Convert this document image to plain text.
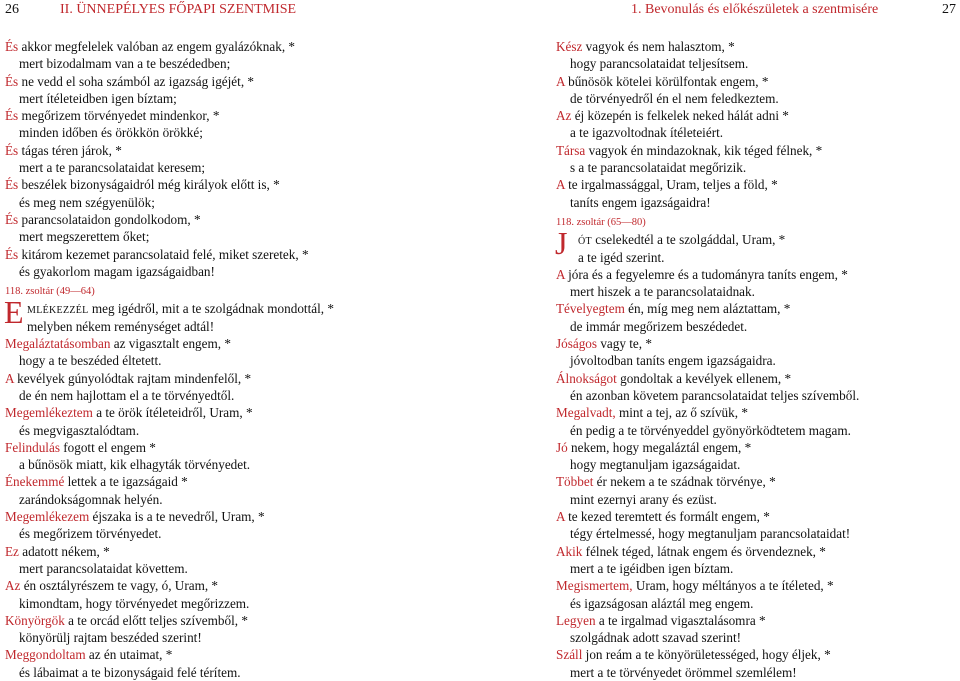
26	II. ÜNNEPÉLYES FŐPAPI SZENTMISE	1. Bevonulás és előkészületek a szentmisére	27
És akkor megfelelek valóban az engem gyalázóknak, *
mert bizodalmam van a te beszédedben;
És ne vedd el soha számból az igazság igéjét, *
mert ítéleteidben igen bíztam;
És megőrizem törvényedet mindenkor, *
minden időben és örökkön örökké;
És tágas téren járok, *
mert a te parancsolataidat keresem;
És beszélek bizonyságaidról még királyok előtt is, *
és meg nem szégyenülök;
És parancsolataidon gondolkodom, *
mert megszerettem őket;
És kitárom kezemet parancsolataid felé, miket szeretek, *
és gyakorlom magam igazságaidban!
118. zsoltár (49—64)
E MLÉKEZZÉL meg igédről, mit a te szolgádnak mondottál, *
melyben nékem reménységet adtál!
Megaláztatásomban az vigasztalt engem, *
hogy a te beszéded éltetett.
A kevélyek gúnyolódtak rajtam mindenfelől, *
de én nem hajlottam el a te törvényedtől.
Megemlékeztem a te örök ítéleteidről, Uram, *
és megvigasztalódtam.
Felindulás fogott el engem *
a bűnösök miatt, kik elhagyták törvényedet.
Énekemmé lettek a te igazságaid *
zarándokságomnak helyén.
Megemlékezem éjszaka is a te nevedről, Uram, *
és megőrizem törvényedet.
Ez adatott nékem, *
mert parancsolataidat követtem.
Az én osztályrészem te vagy, ó, Uram, *
kimondtam, hogy törvényedet megőrizzem.
Könyörgök a te orcád előtt teljes szívemből, *
könyörülj rajtam beszéded szerint!
Meggondoltam az én utaimat, *
és lábaimat a te bizonyságaid felé térítem.
Kész vagyok és nem halasztom, *
hogy parancsolataidat teljesítsem.
A bűnösök kötelei körülfontak engem, *
de törvényedről én el nem feledkeztem.
Az éj közepén is felkelek neked hálát adni *
a te igazvoltodnak ítéleteiért.
Társa vagyok én mindazoknak, kik téged félnek, *
s a te parancsolataidat megőrizik.
A te irgalmassággal, Uram, teljes a föld, *
taníts engem igazságaidra!
118. zsoltár (65—80)
J ÓT cselekedtél a te szolgáddal, Uram, *
a te igéd szerint.
A jóra és a fegyelemre és a tudományra taníts engem, *
mert hiszek a te parancsolataidnak.
Tévelyegtem én, míg meg nem aláztattam, *
de immár megőrizem beszédedet.
Jóságos vagy te, *
jóvoltodban taníts engem igazságaidra.
Álnokságot gondoltak a kevélyek ellenem, *
én azonban követem parancsolataidat teljes szívemből.
Megalvadt, mint a tej, az ő szívük, *
én pedig a te törvényeddel gyönyörködtetem magam.
Jó nekem, hogy megaláztál engem, *
hogy megtanuljam igazságaidat.
Többet ér nekem a te szádnak törvénye, *
mint ezernyi arany és ezüst.
A te kezed teremtett és formált engem, *
tégy értelmessé, hogy megtanuljam parancsolataidat!
Akik félnek téged, látnak engem és örvendeznek, *
mert a te igéidben igen bíztam.
Megismertem, Uram, hogy méltányos a te ítéleted, *
és igazságosan aláztál meg engem.
Legyen a te irgalmad vigasztalásomra *
szolgádnak adott szavad szerint!
Száll jon reám a te könyörületességed, hogy éljek, *
mert a te törvényedet örömmel szemlélem!
